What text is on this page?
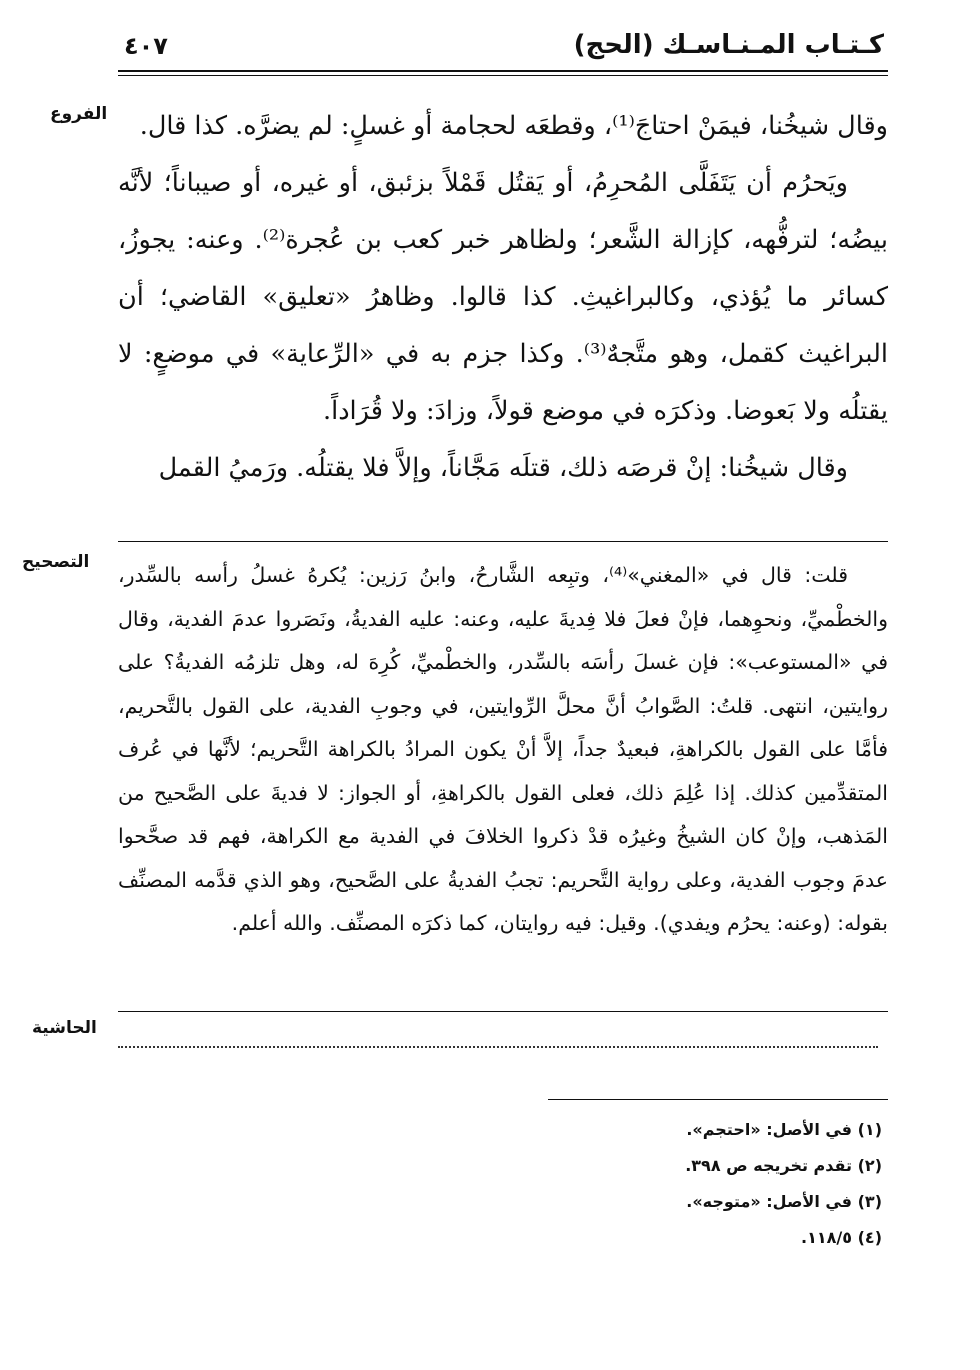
٤٠٧	كـتـاب المـنـاسـك (الحج)
الفروع	وقال شيخُنا، فيمَنْ احتاجَ⁽¹⁾، وقطعَه لحجامة أو غسلٍ: لم يضرَّه. كذا قال.

ويَحرُم أن يَتَفَلَّى المُحرِمُ، أو يَقتُل قَمْلاً بزئبق، أو غيره، أو صيباناً؛ لأنَّه بيضُه؛ لترفُّهه، كإزالة الشَّعر؛ ولظاهر خبر كعب بن عُجرة⁽²⁾. وعنه: يجوزُ، كسائر ما يُؤذي، وكالبراغيثِ. كذا قالوا. وظاهرُ «تعليق» القاضي؛ أن البراغيث كقمل، وهو متَّجهٌ⁽³⁾. وكذا جزم به في «الرِّعاية» في موضعٍ: لا يقتلُه ولا بَعوضا. وذكرَه في موضع قولاً، وزادَ: ولا قُرَاداً.

وقال شيخُنا: إنْ قرصَه ذلك، قتلَه مَجَّاناً، وإلاَّ فلا يقتلُه. ورَميُ القمل

التصحيح

قلت: قال في «المغني»⁽⁴⁾، وتبِعه الشَّارحُ، وابنُ رَزين: يُكرهُ غسلُ رأسه بالسِّدر، والخطْميِّ، ونحوِهما، فإنْ فعلَ فلا فِديةَ عليه، وعنه: عليه الفديةُ، ونَصَروا عدمَ الفدية، وقال في «المستوعب»: فإن غسلَ رأسَه بالسِّدر، والخطْميِّ، كُرِهَ له، وهل تلزمُه الفديةُ؟ على روايتين، انتهى. قلتُ: الصَّوابُ أنَّ محلَّ الرِّوايتين، في وجوبِ الفدية، على القول بالتَّحريم، فأمَّا على القول بالكراهةِ، فبعيدٌ جداً، إلاَّ أنْ يكون المرادُ بالكراهة التَّحريم؛ لأنَّها في عُرف المتقدِّمين كذلك. إذا عُلِمَ ذلك، فعلى القول بالكراهةِ، أو الجواز: لا فديةَ على الصَّحيح من المَذهب، وإنْ كان الشيخُ وغيرُه قدْ ذكروا الخلافَ في الفدية مع الكراهة، فهم قد صحَّحوا عدمَ وجوب الفدية، وعلى رواية التَّحريم: تجبُ الفديةُ على الصَّحيح، وهو الذي قدَّمه المصنِّف بقوله: (وعنه: يحرُم ويفدي). وقيل: فيه روايتان، كما ذكرَه المصنِّف. والله أعلم.

الحاشية
(١) في الأصل: «احتجم».
(٢) تقدم تخريجه ص ٣٩٨.
(٣) في الأصل: «متوجه».
(٤) ١١٨/٥.
